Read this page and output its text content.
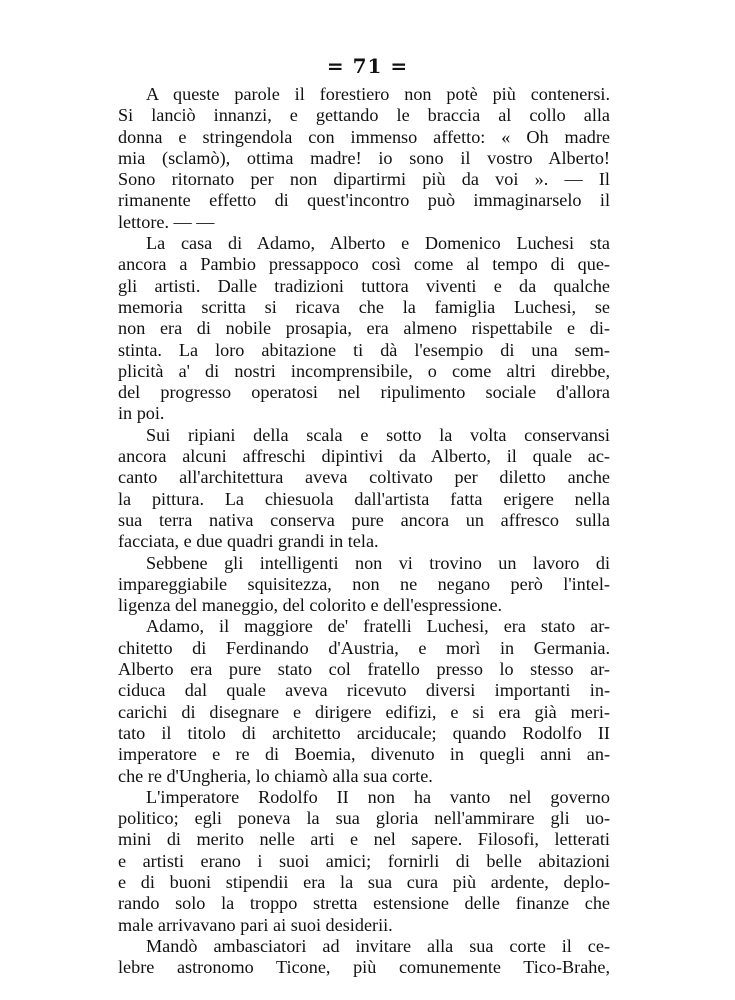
= 71 =
A queste parole il forestiero non potè più contenersi.
Si lanciò innanzi, e gettando le braccia al collo alla
donna e stringendola con immenso affetto: « Oh madre
mia (sclamò), ottima madre! io sono il vostro Alberto!
Sono ritornato per non dipartirmi più da voi ». — Il
rimanente effetto di quest'incontro può immaginarselo il
lettore. — —
La casa di Adamo, Alberto e Domenico Luchesi sta
ancora a Pambio pressappoco così come al tempo di que-
gli artisti. Dalle tradizioni tuttora viventi e da qualche
memoria scritta si ricava che la famiglia Luchesi, se
non era di nobile prosapia, era almeno rispettabile e di-
stinta. La loro abitazione ti dà l'esempio di una sem-
plicità a' di nostri incomprensibile, o come altri direbbe,
del progresso operatosi nel ripulimento sociale d'allora
in poi.
Sui ripiani della scala e sotto la volta conservansi
ancora alcuni affreschi dipintivi da Alberto, il quale ac-
canto all'architettura aveva coltivato per diletto anche
la pittura. La chiesuola dall'artista fatta erigere nella
sua terra nativa conserva pure ancora un affresco sulla
facciata, e due quadri grandi in tela.
Sebbene gli intelligenti non vi trovino un lavoro di
impareggiabile squisitezza, non ne negano però l'intel-
ligenza del maneggio, del colorito e dell'espressione.
Adamo, il maggiore de' fratelli Luchesi, era stato ar-
chitetto di Ferdinando d'Austria, e morì in Germania.
Alberto era pure stato col fratello presso lo stesso ar-
ciduca dal quale aveva ricevuto diversi importanti in-
carichi di disegnare e dirigere edifizi, e si era già meri-
tato il titolo di architetto arciducale; quando Rodolfo II
imperatore e re di Boemia, divenuto in quegli anni an-
che re d'Ungheria, lo chiamò alla sua corte.
L'imperatore Rodolfo II non ha vanto nel governo
politico; egli poneva la sua gloria nell'ammirare gli uo-
mini di merito nelle arti e nel sapere. Filosofi, letterati
e artisti erano i suoi amici; fornirli di belle abitazioni
e di buoni stipendii era la sua cura più ardente, deplo-
rando solo la troppo stretta estensione delle finanze che
male arrivavano pari ai suoi desiderii.
Mandò ambasciatori ad invitare alla sua corte il ce-
lebre astronomo Ticone, più comunemente Tico-Brahe,
